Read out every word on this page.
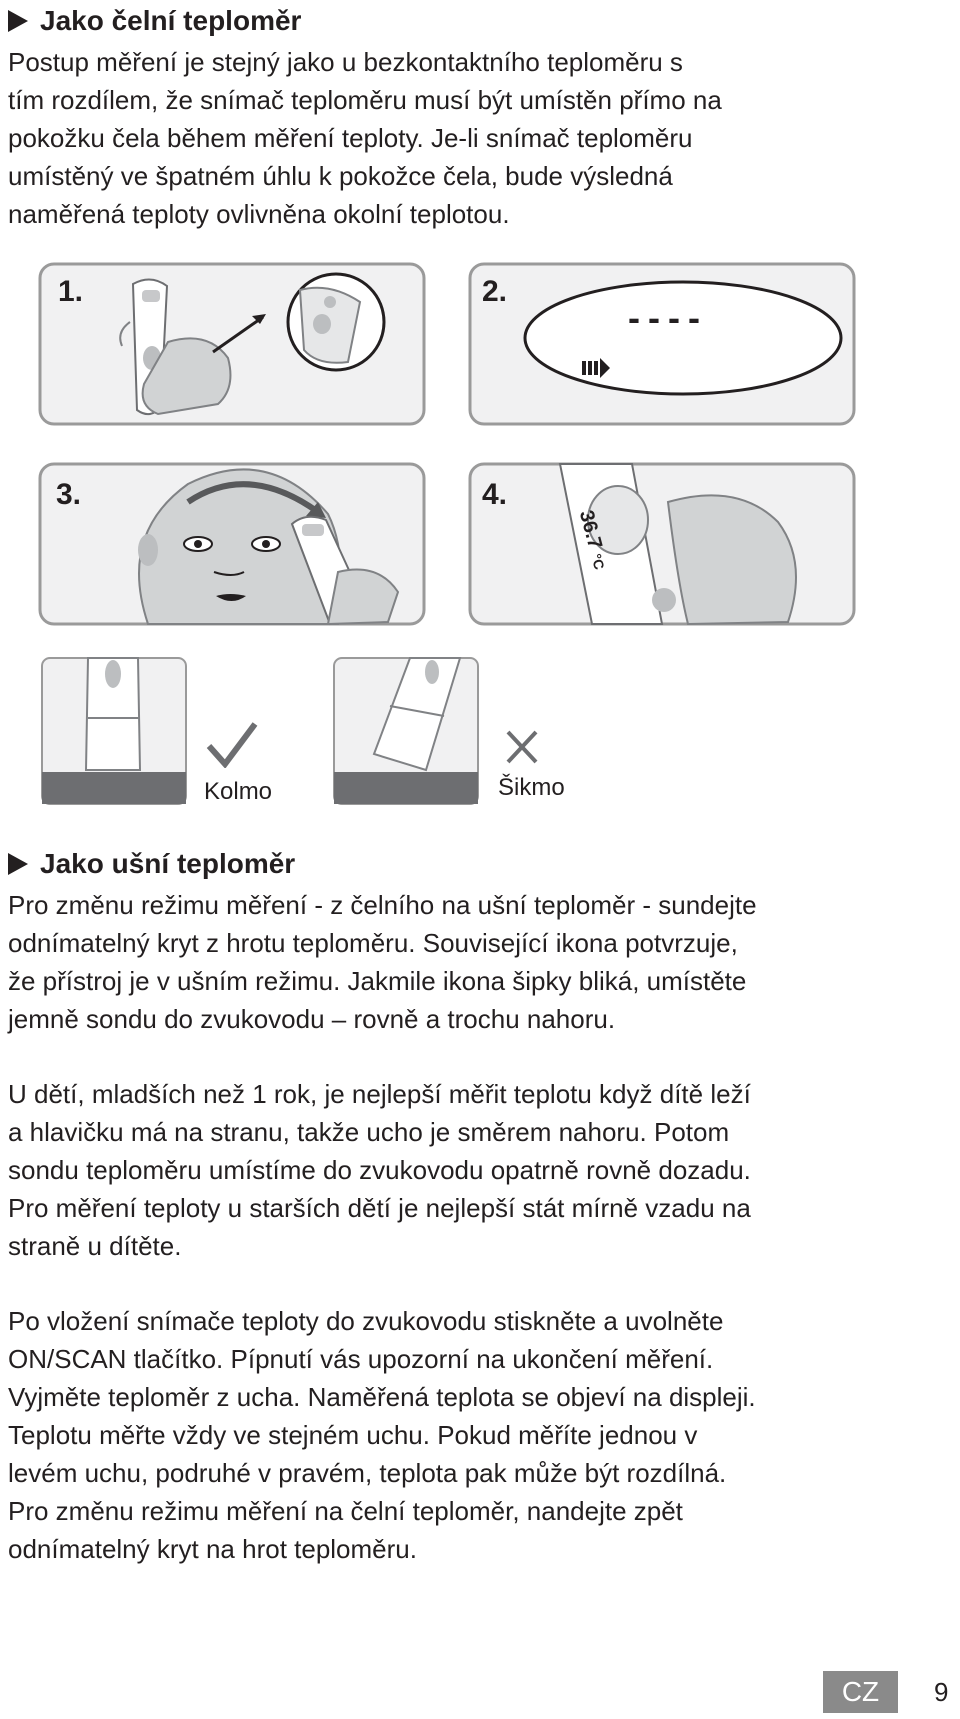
Jako čelní teploměr
Postup měření je stejný jako u bezkontaktního teploměru s
tím rozdílem, že snímač teploměru musí být umístěn přímo na
pokožku čela během měření teploty. Je-li snímač teploměru
umístěný ve špatném úhlu k pokožce čela, bude výsledná
naměřená teploty ovlivněna okolní teplotou.
1.	2.
----
3.	4.
36.7 °C
Kolmo	Šikmo
Jako ušní teploměr
Pro změnu režimu měření - z čelního na ušní teploměr - sundejte
odnímatelný kryt z hrotu teploměru. Související ikona potvrzuje,
že přístroj je v ušním režimu. Jakmile ikona šipky bliká, umístěte
jemně sondu do zvukovodu – rovně a trochu nahoru.
U dětí, mladších než 1 rok, je nejlepší měřit teplotu když dítě leží
a hlavičku má na stranu, takže ucho je směrem nahoru. Potom
sondu teploměru umístíme do zvukovodu opatrně rovně dozadu.
Pro měření teploty u starších dětí je nejlepší stát mírně vzadu na
straně u dítěte.
Po vložení snímače teploty do zvukovodu stiskněte a uvolněte
ON/SCAN tlačítko. Pípnutí vás upozorní na ukončení měření.
Vyjměte teploměr z ucha. Naměřená teplota se objeví na displeji.
Teplotu měřte vždy ve stejném uchu. Pokud měříte jednou v
levém uchu, podruhé v pravém, teplota pak může být rozdílná.
Pro změnu režimu měření na čelní teploměr, nandejte zpět
odnímatelný kryt na hrot teploměru.
CZ	9
